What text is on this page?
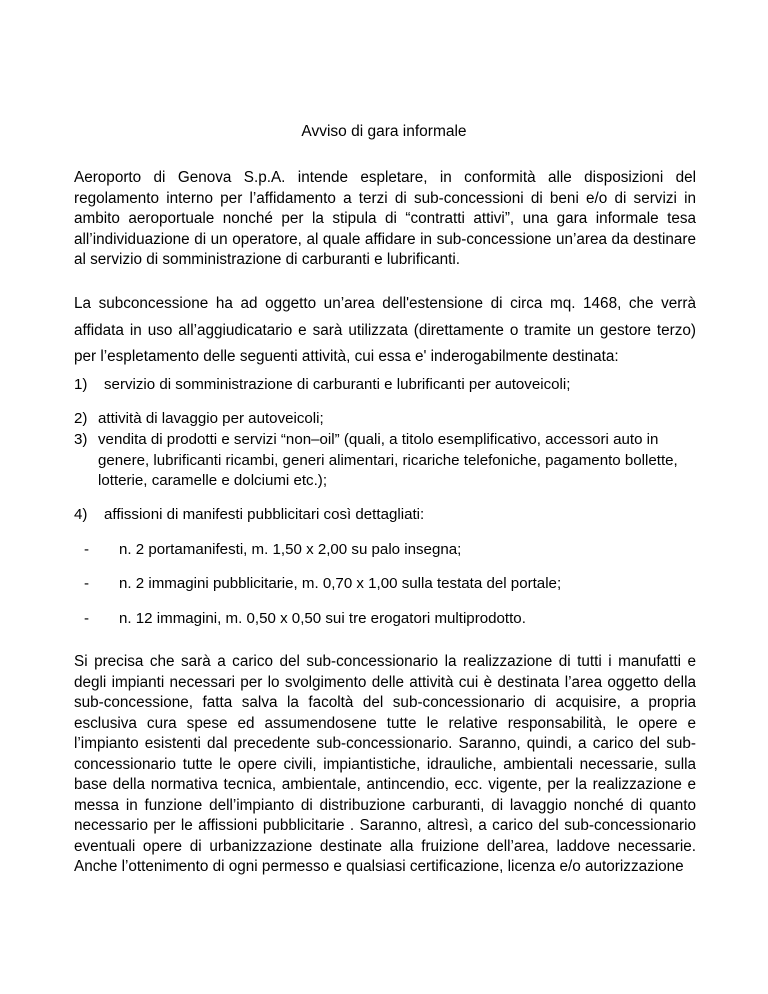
Avviso di gara informale
Aeroporto di Genova S.p.A. intende espletare, in conformità alle disposizioni del regolamento interno per l’affidamento a terzi di sub-concessioni di beni e/o di servizi in ambito aeroportuale nonché per la stipula di “contratti attivi”, una gara informale tesa all’individuazione di un operatore, al quale affidare in sub-concessione un’area da destinare al servizio di somministrazione di carburanti e lubrificanti.
La subconcessione ha ad oggetto un’area dell'estensione di circa mq. 1468, che verrà affidata in uso all’aggiudicatario e sarà utilizzata (direttamente o tramite un gestore terzo) per l’espletamento delle seguenti attività, cui essa e' inderogabilmente destinata:
1) servizio di somministrazione di carburanti e lubrificanti per autoveicoli;
2) attività di lavaggio per autoveicoli;
3) vendita di prodotti e servizi “non–oil” (quali, a titolo esemplificativo, accessori auto in genere, lubrificanti ricambi, generi alimentari, ricariche telefoniche, pagamento bollette, lotterie, caramelle e dolciumi etc.);
4) affissioni di manifesti pubblicitari così dettagliati:
- n. 2 portamanifesti, m. 1,50 x 2,00 su palo insegna;
- n. 2 immagini pubblicitarie, m. 0,70 x 1,00 sulla testata del portale;
- n. 12 immagini, m. 0,50 x 0,50 sui tre erogatori multiprodotto.
Si precisa che sarà a carico del sub-concessionario la realizzazione di tutti i manufatti e degli impianti necessari per lo svolgimento delle attività cui è destinata l’area oggetto della sub-concessione, fatta salva la facoltà del sub-concessionario di acquisire, a propria esclusiva cura spese ed assumendosene tutte le relative responsabilità, le opere e l’impianto esistenti dal precedente sub-concessionario. Saranno, quindi, a carico del sub-concessionario tutte le opere civili, impiantistiche, idrauliche, ambientali necessarie, sulla base della normativa tecnica, ambientale, antincendio, ecc. vigente, per la realizzazione e messa in funzione dell’impianto di distribuzione carburanti, di lavaggio nonché di quanto necessario per le affissioni pubblicitarie . Saranno, altresì, a carico del sub-concessionario eventuali opere di urbanizzazione destinate alla fruizione dell’area, laddove necessarie. Anche l’ottenimento di ogni permesso e qualsiasi certificazione, licenza e/o autorizzazione
